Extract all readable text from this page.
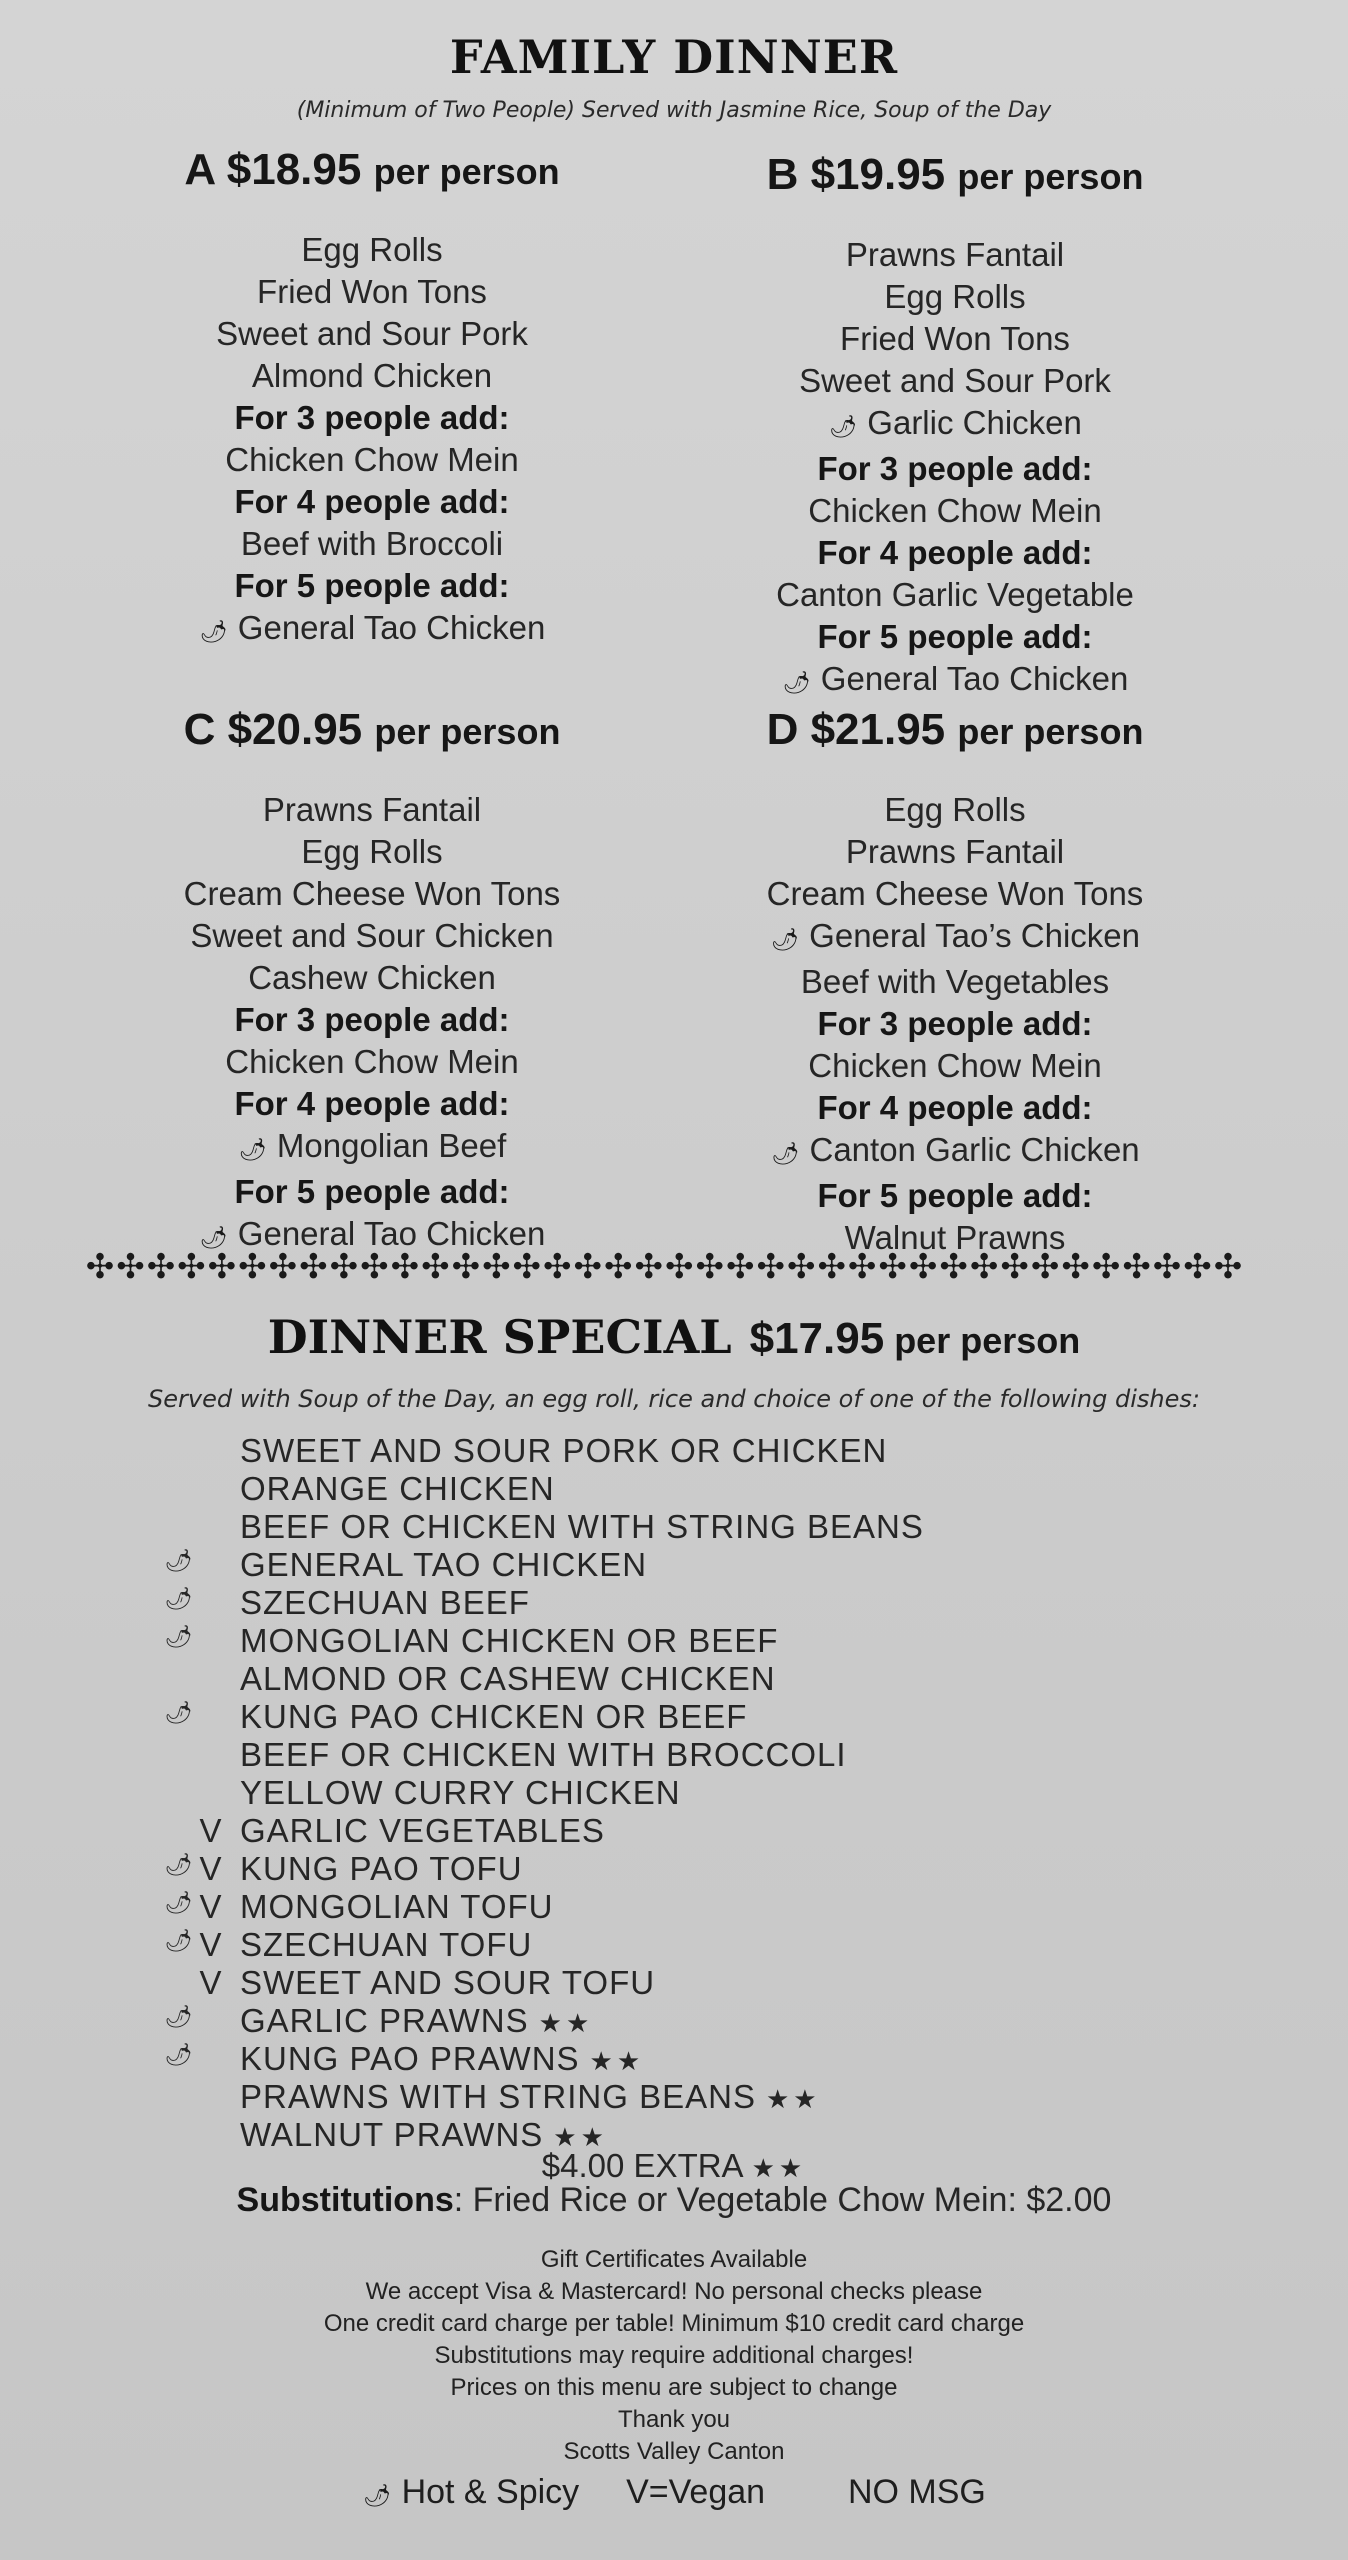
FAMILY DINNER
(Minimum of Two People) Served with Jasmine Rice, Soup of the Day
A $18.95 per person
Egg Rolls
Fried Won Tons
Sweet and Sour Pork
Almond Chicken
For 3 people add:
Chicken Chow Mein
For 4 people add:
Beef with Broccoli
For 5 people add:
🌶︎ General Tao Chicken
B $19.95 per person
Prawns Fantail
Egg Rolls
Fried Won Tons
Sweet and Sour Pork
🌶︎ Garlic Chicken
For 3 people add:
Chicken Chow Mein
For 4 people add:
Canton Garlic Vegetable
For 5 people add:
🌶︎ General Tao Chicken
C $20.95 per person
Prawns Fantail
Egg Rolls
Cream Cheese Won Tons
Sweet and Sour Chicken
Cashew Chicken
For 3 people add:
Chicken Chow Mein
For 4 people add:
🌶︎ Mongolian Beef
For 5 people add:
🌶︎ General Tao Chicken
D $21.95 per person
Egg Rolls
Prawns Fantail
Cream Cheese Won Tons
🌶︎ General Tao’s Chicken
Beef with Vegetables
For 3 people add:
Chicken Chow Mein
For 4 people add:
🌶︎ Canton Garlic Chicken
For 5 people add:
Walnut Prawns
✣✣✣✣✣✣✣✣✣✣✣✣✣✣✣✣✣✣✣✣✣✣✣✣✣✣✣✣✣✣✣✣✣✣✣✣✣✣
DINNER SPECIAL $17.95 per person
Served with Soup of the Day, an egg roll, rice and choice of one of the following dishes:
SWEET AND SOUR PORK OR CHICKEN
ORANGE CHICKEN
BEEF OR CHICKEN WITH STRING BEANS
🌶︎ GENERAL TAO CHICKEN
🌶︎ SZECHUAN BEEF
🌶︎ MONGOLIAN CHICKEN OR BEEF
ALMOND OR CASHEW CHICKEN
🌶︎ KUNG PAO CHICKEN OR BEEF
BEEF OR CHICKEN WITH BROCCOLI
YELLOW CURRY CHICKEN
V GARLIC VEGETABLES
🌶︎ V KUNG PAO TOFU
🌶︎ V MONGOLIAN TOFU
🌶︎ V SZECHUAN TOFU
V SWEET AND SOUR TOFU
🌶︎ GARLIC PRAWNS ★★
🌶︎ KUNG PAO PRAWNS ★★
PRAWNS WITH STRING BEANS ★★
WALNUT PRAWNS ★★
$4.00 EXTRA ★★
Substitutions: Fried Rice or Vegetable Chow Mein: $2.00
Gift Certificates Available
We accept Visa & Mastercard! No personal checks please
One credit card charge per table! Minimum $10 credit card charge
Substitutions may require additional charges!
Prices on this menu are subject to change
Thank you
Scotts Valley Canton
🌶︎ Hot & Spicy V=Vegan NO MSG
